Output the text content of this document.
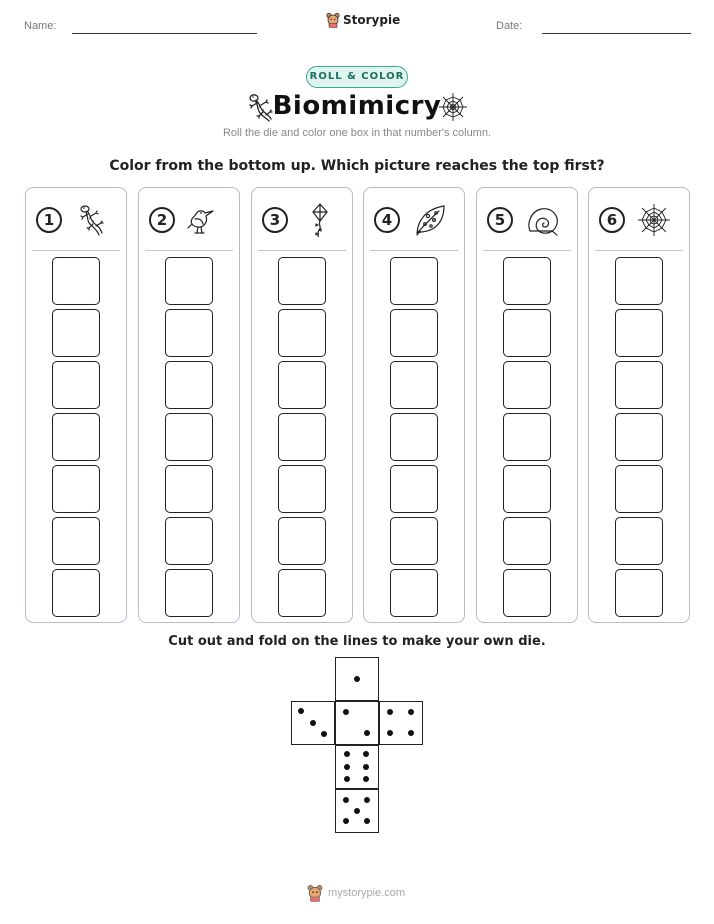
Name:	Storypie	Date:
ROLL & COLOR
Biomimicry
Roll the die and color one box in that number's column.
Color from the bottom up. Which picture reaches the top first?
1	2	3	4	5	6
Cut out and fold on the lines to make your own die.
mystorypie.com
